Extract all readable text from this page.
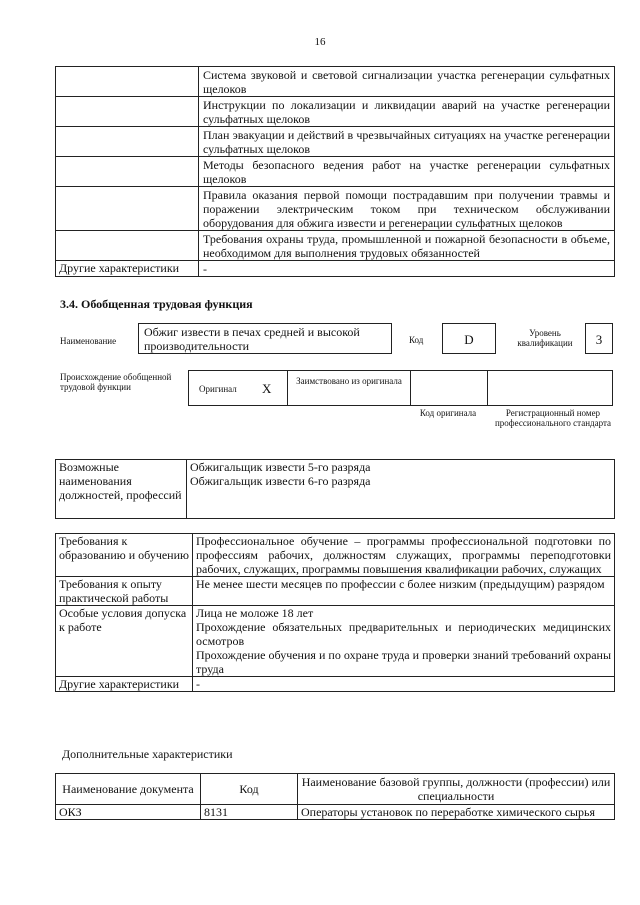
16
	Система звуковой и световой сигнализации участка регенерации сульфатных щелоков
	Инструкции по локализации и ликвидации аварий на участке регенерации сульфатных щелоков
	План эвакуации и действий в чрезвычайных ситуациях на участке регенерации сульфатных щелоков
	Методы безопасного ведения работ на участке регенерации сульфатных щелоков
	Правила оказания первой помощи пострадавшим при получении травмы и поражении электрическим током при техническом обслуживании оборудования для обжига извести и регенерации сульфатных щелоков
	Требования охраны труда, промышленной и пожарной безопасности в объеме, необходимом для выполнения трудовых обязанностей
Другие характеристики	-
3.4. Обобщенная трудовая функция
Наименование
Обжиг извести в печах средней и высокой производительности	Код	D	Уровень квалификации	3
Происхождение обобщенной трудовой функции	Оригинал X	Заимствовано из оригинала
Код оригинала	Регистрационный номер профессионального стандарта
Возможные наименования должностей, профессий	
Обжигальщик извести 5-го разряда
Обжигальщик извести 6-го разряда
Требования к образованию и обучению	Профессиональное обучение – программы профессиональной подготовки по профессиям рабочих, должностям служащих, программы переподготовки рабочих, служащих, программы повышения квалификации рабочих, служащих
Требования к опыту практической работы	Не менее шести месяцев по профессии с более низким (предыдущим) разрядом
Особые условия допуска к работе	Лица не моложе 18 лет
Прохождение обязательных предварительных и периодических медицинских осмотров
Прохождение обучения и по охране труда и проверки знаний требований охраны труда

Другие характеристики	-
Дополнительные характеристики
Наименование документа	Код	Наименование базовой группы, должности (профессии) или специальности
ОКЗ	8131	Операторы установок по переработке химического сырья
